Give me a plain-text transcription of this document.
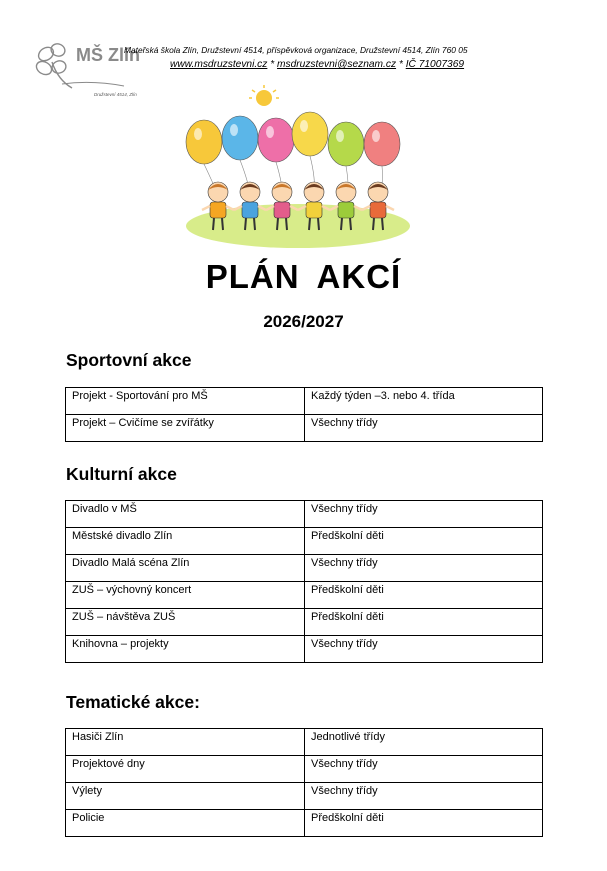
MŠ Zlín
Družstevní 4514, Zlín
Mateřská škola Zlín, Družstevní 4514, příspěvková organizace, Družstevní 4514, Zlín 760 05
www.msdruzstevni.cz * msdruzstevni@seznam.cz * IČ 71007369
PLÁN AKCÍ
2026/2027
Sportovní akce
Projekt - Sportování pro MŠ	Každý týden –3. nebo 4. třída
Projekt – Cvičíme se zvířátky	Všechny třídy
Kulturní akce
Divadlo v MŠ	Všechny třídy
Městské divadlo Zlín	Předškolní děti
Divadlo Malá scéna Zlín	Všechny třídy
ZUŠ – výchovný koncert	Předškolní děti
ZUŠ – návštěva ZUŠ	Předškolní děti
Knihovna – projekty	Všechny třídy
Tematické akce:
Hasiči Zlín	Jednotlivé třídy
Projektové dny	Všechny třídy
Výlety	Všechny třídy
Policie	Předškolní děti
